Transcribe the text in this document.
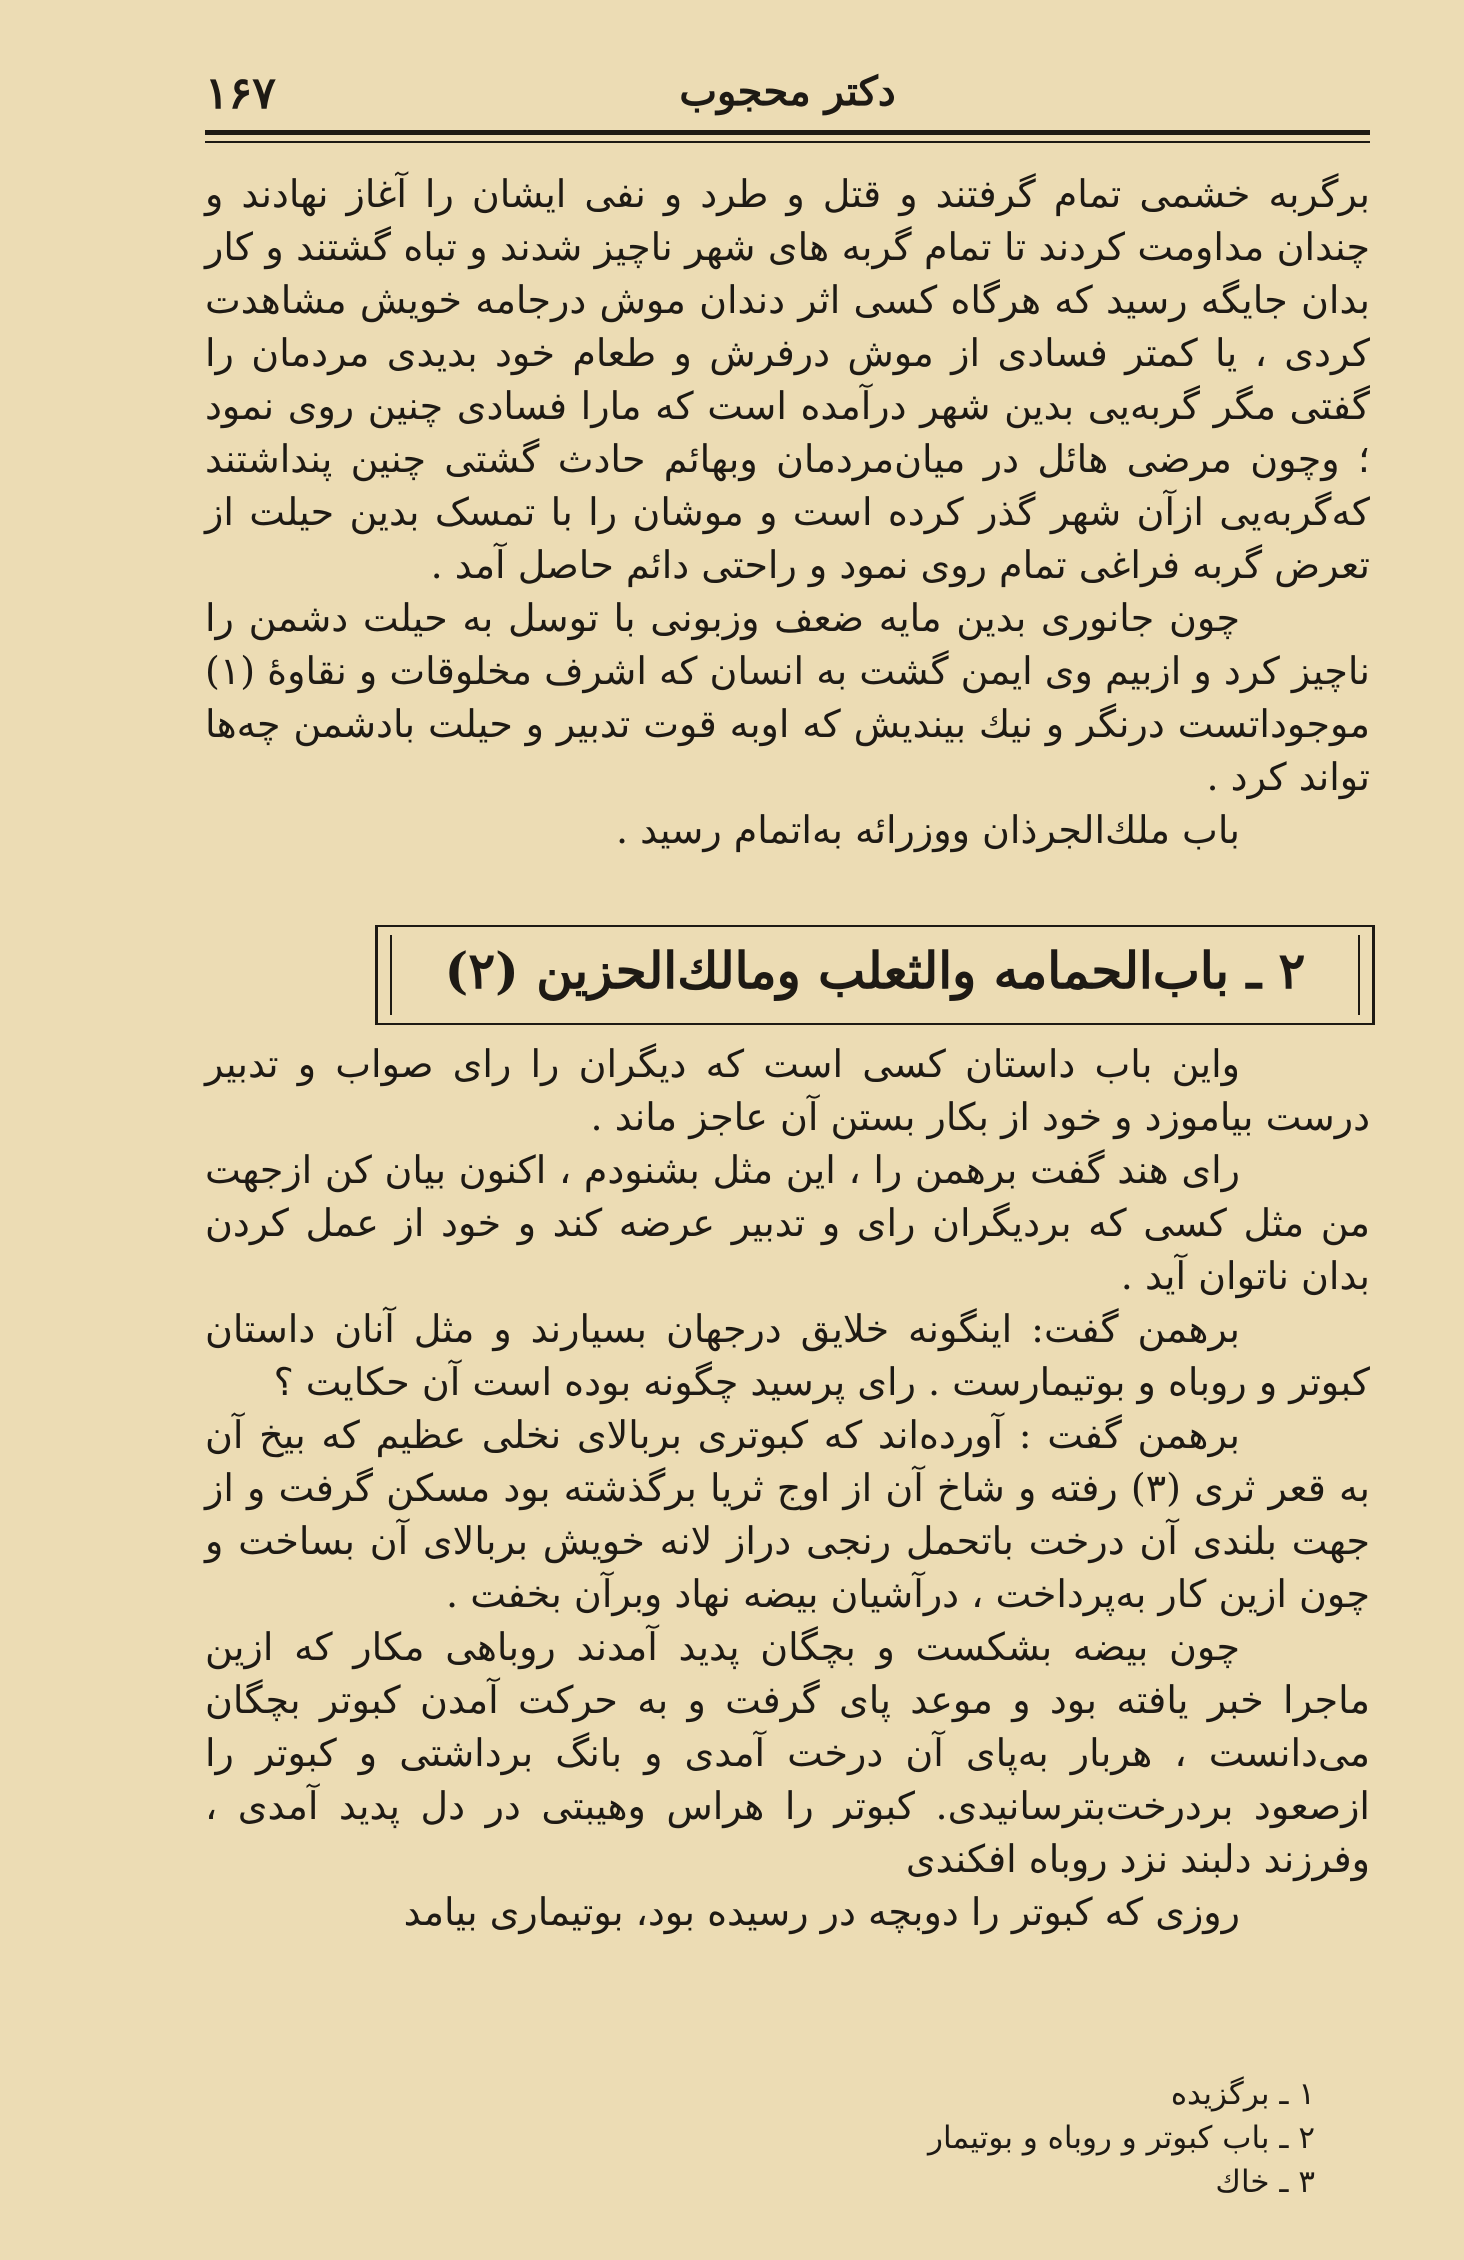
۱۶۷	دکتر محجوب

برگربه خشمی تمام گرفتند و قتل و طرد و نفی ایشان را آغاز نهادند و چندان مداومت کردند تا تمام گربه های شهر ناچیز شدند و تباه گشتند و کار بدان جایگه رسید که هرگاه کسی اثر دندان موش درجامه خویش مشاهدت کردی ، یا کمتر فسادی از موش درفرش و طعام خود بدیدی مردمان را گفتی مگر گربه‌یی بدین شهر درآمده است که مارا فسادی چنین روی نمود ؛ وچون مرضی هائل در میان‌مردمان وبهائم حادث گشتی چنین پنداشتند که‌گربه‌یی ازآن شهر گذر کرده است و موشان را با تمسک بدین حیلت از تعرض گربه فراغی تمام روی نمود و راحتی دائم حاصل آمد .

چون جانوری بدین مایه ضعف وزبونی با توسل به حیلت دشمن را ناچیز کرد و ازبیم وی ایمن گشت به انسان که اشرف مخلوقات و نقاوهٔ (۱) موجوداتست درنگر و نیك بیندیش که اوبه قوت تدبیر و حیلت بادشمن چه‌ها تواند کرد .

باب ملك‌الجرذان ووزرائه به‌اتمام رسید .

۲ ـ باب‌الحمامه والثعلب ومالك‌الحزین (۲)

واین باب داستان کسی است که دیگران را رای صواب و تدبیر درست بیاموزد و خود از بکار بستن آن عاجز ماند .

رای هند گفت برهمن را ، این مثل بشنودم ، اکنون بیان کن ازجهت من مثل کسی که بردیگران رای و تدبیر عرضه کند و خود از عمل کردن بدان ناتوان آید .

برهمن گفت: اینگونه خلایق درجهان بسیارند و مثل آنان داستان کبوتر و روباه و بوتیمارست . رای پرسید چگونه بوده است آن حکایت ؟

برهمن گفت : آورده‌اند که کبوتری بربالای نخلی عظیم که بیخ آن به قعر ثری (۳) رفته و شاخ آن از اوج ثریا برگذشته بود مسکن گرفت و از جهت بلندی آن درخت باتحمل رنجی دراز لانه خویش بربالای آن بساخت و چون ازین کار به‌پرداخت ، درآشیان بیضه نهاد وبرآن بخفت .

چون بیضه بشکست و بچگان پدید آمدند روباهی مکار که ازین ماجرا خبر یافته بود و موعد پای گرفت و به حرکت آمدن کبوتر بچگان می‌دانست ، هربار به‌پای آن درخت آمدی و بانگ برداشتی و کبوتر را ازصعود بردرخت‌بترسانیدی. کبوتر را هراس وهیبتی در دل پدید آمدی ، وفرزند دلبند نزد روباه افکندی

روزی که کبوتر را دوبچه در رسیده بود، بوتیماری بیامد

۱ ـ برگزیده
۲ ـ باب کبوتر و روباه و بوتیمار
۳ ـ خاك
